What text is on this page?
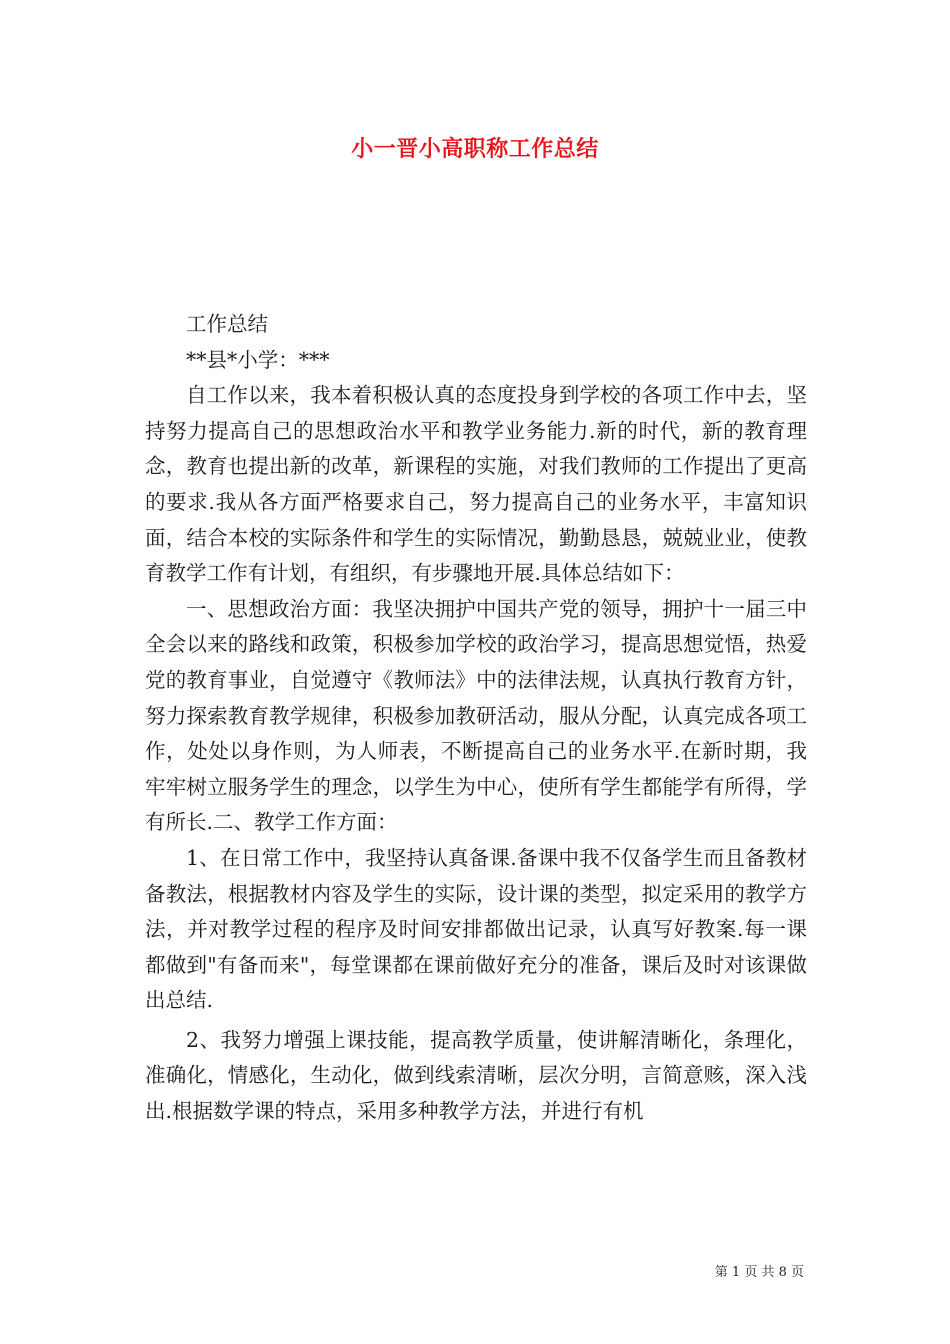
小一晋小高职称工作总结

工作总结

**县*小学：***

自工作以来，我本着积极认真的态度投身到学校的各项工作中去，坚持努力提高自己的思想政治水平和教学业务能力.新的时代，新的教育理念，教育也提出新的改革，新课程的实施，对我们教师的工作提出了更高的要求.我从各方面严格要求自己，努力提高自己的业务水平，丰富知识面，结合本校的实际条件和学生的实际情况，勤勤恳恳，兢兢业业，使教育教学工作有计划，有组织，有步骤地开展.具体总结如下：

一、思想政治方面：我坚决拥护中国共产党的领导，拥护十一届三中全会以来的路线和政策，积极参加学校的政治学习，提高思想觉悟，热爱党的教育事业，自觉遵守《教师法》中的法律法规，认真执行教育方针，努力探索教育教学规律，积极参加教研活动，服从分配，认真完成各项工作，处处以身作则，为人师表，不断提高自己的业务水平.在新时期，我牢牢树立服务学生的理念，以学生为中心，使所有学生都能学有所得，学有所长.二、教学工作方面：

1、在日常工作中，我坚持认真备课.备课中我不仅备学生而且备教材备教法，根据教材内容及学生的实际，设计课的类型，拟定采用的教学方法，并对教学过程的程序及时间安排都做出记录，认真写好教案.每一课都做到"有备而来"，每堂课都在课前做好充分的准备，课后及时对该课做出总结.

2、我努力增强上课技能，提高教学质量，使讲解清晰化，条理化，准确化，情感化，生动化，做到线索清晰，层次分明，言简意赅，深入浅出.根据数学课的特点，采用多种教学方法，并进行有机

第 1 页 共 8 页
